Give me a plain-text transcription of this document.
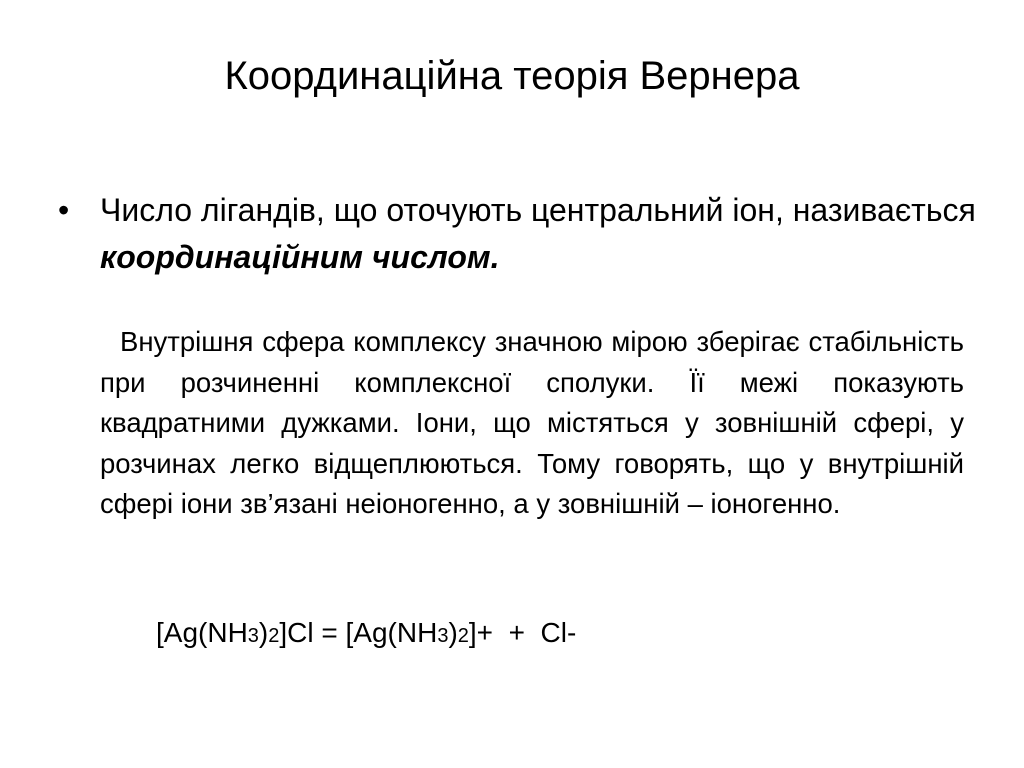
Координаційна теорія Вернера
• Число лігандів, що оточують центральний іон, називається координаційним числом.

Внутрішня сфера комплексу значною мірою зберігає стабільність при розчиненні комплексної сполуки. Її межі показують квадратними дужками. Іони, що містяться у зовнішній сфері, у розчинах легко відщеплюються. Тому говорять, що у внутрішній сфері іони зв’язані неіоногенно, а у зовнішній – іоногенно.

[Ag(NH3)2]Cl = [Ag(NH3)2]+  +  Cl-
